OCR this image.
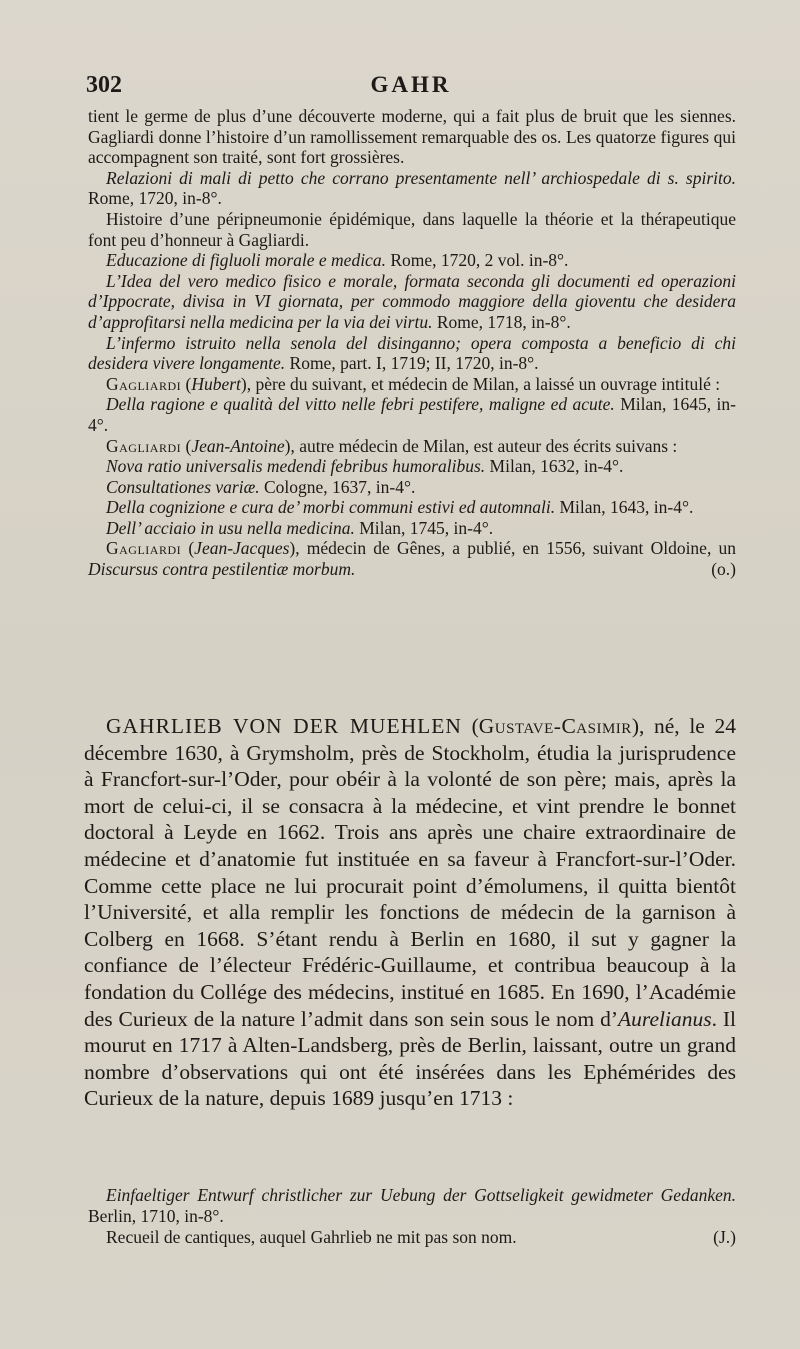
302	GAHR

tient le germe de plus d’une découverte moderne, qui a fait plus de bruit que les siennes. Gagliardi donne l’histoire d’un ramollissement remarquable des os. Les quatorze figures qui accompagnent son traité, sont fort grossières.

Relazioni di mali di petto che corrano presentamente nell’ archiospedale di s. spirito. Rome, 1720, in-8°.

Histoire d’une péripneumonie épidémique, dans laquelle la théorie et la thérapeutique font peu d’honneur à Gagliardi.

Educazione di figluoli morale e medica. Rome, 1720, 2 vol. in-8°.

L’Idea del vero medico fisico e morale, formata seconda gli documenti ed operazioni d’Ippocrate, divisa in VI giornata, per commodo maggiore della gioventu che desidera d’approfitarsi nella medicina per la via dei virtu. Rome, 1718, in-8°.

L’infermo istruito nella senola del disinganno; opera composta a beneficio di chi desidera vivere longamente. Rome, part. I, 1719; II, 1720, in-8°.

Gagliardi (Hubert), père du suivant, et médecin de Milan, a laissé un ouvrage intitulé :

Della ragione e qualità del vitto nelle febri pestifere, maligne ed acute. Milan, 1645, in-4°.

Gagliardi (Jean-Antoine), autre médecin de Milan, est auteur des écrits suivans :

Nova ratio universalis medendi febribus humoralibus. Milan, 1632, in-4°.

Consultationes variæ. Cologne, 1637, in-4°.

Della cognizione e cura de’ morbi communi estivi ed automnali. Milan, 1643, in-4°.

Dell’ acciaio in usu nella medicina. Milan, 1745, in-4°.

Gagliardi (Jean-Jacques), médecin de Gênes, a publié, en 1556, suivant Oldoine, un Discursus contra pestilentiæ morbum.	(o.)

GAHRLIEB VON DER MUEHLEN (Gustave-Casimir), né, le 24 décembre 1630, à Grymsholm, près de Stockholm, étudia la jurisprudence à Francfort-sur-l’Oder, pour obéir à la volonté de son père; mais, après la mort de celui-ci, il se consacra à la médecine, et vint prendre le bonnet doctoral à Leyde en 1662. Trois ans après une chaire extraordinaire de médecine et d’anatomie fut instituée en sa faveur à Francfort-sur-l’Oder. Comme cette place ne lui procurait point d’émolumens, il quitta bientôt l’Université, et alla remplir les fonctions de médecin de la garnison à Colberg en 1668. S’étant rendu à Berlin en 1680, il sut y gagner la confiance de l’électeur Frédéric-Guillaume, et contribua beaucoup à la fondation du Collége des médecins, institué en 1685. En 1690, l’Académie des Curieux de la nature l’admit dans son sein sous le nom d’Aurelianus. Il mourut en 1717 à Alten-Landsberg, près de Berlin, laissant, outre un grand nombre d’observations qui ont été insérées dans les Ephémérides des Curieux de la nature, depuis 1689 jusqu’en 1713 :

Einfaeltiger Entwurf christlicher zur Uebung der Gottseligkeit gewidmeter Gedanken. Berlin, 1710, in-8°.

Recueil de cantiques, auquel Gahrlieb ne mit pas son nom.	(J.)
